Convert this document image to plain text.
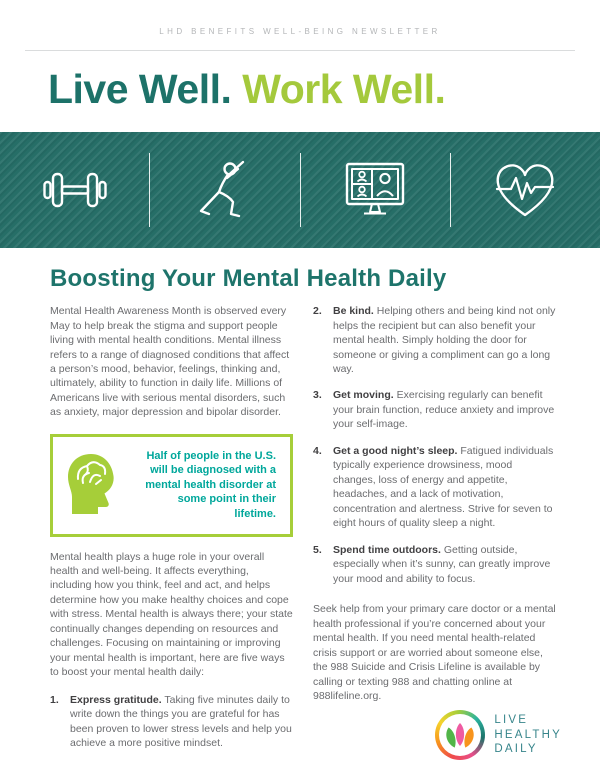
LHD BENEFITS WELL-BEING NEWSLETTER
Live Well. Work Well.
Boosting Your Mental Health Daily

Mental Health Awareness Month is observed every May to help break the stigma and support people living with mental health conditions. Mental illness refers to a range of diagnosed conditions that affect a person’s mood, behavior, feelings, thinking and, ultimately, ability to function in daily life. Millions of Americans live with serious mental disorders, such as anxiety, major depression and bipolar disorder.

Half of people in the U.S. will be diagnosed with a mental health disorder at some point in their lifetime.

Mental health plays a huge role in your overall health and well-being. It affects everything, including how you think, feel and act, and helps determine how you make healthy choices and cope with stress. Mental health is always there; your state continually changes depending on resources and challenges. Focusing on maintaining or improving your mental health is important, here are five ways to boost your mental health daily:

1.	Express gratitude. Taking five minutes daily to write down the things you are grateful for has been proven to lower stress levels and help you achieve a more positive mindset.

2.	Be kind. Helping others and being kind not only helps the recipient but can also benefit your mental health. Simply holding the door for someone or giving a compliment can go a long way.

3.	Get moving. Exercising regularly can benefit your brain function, reduce anxiety and improve your self-image.

4.	Get a good night’s sleep. Fatigued individuals typically experience drowsiness, mood changes, loss of energy and appetite, headaches, and a lack of motivation, concentration and alertness. Strive for seven to eight hours of quality sleep a night.

5.	Spend time outdoors. Getting outside, especially when it’s sunny, can greatly improve your mood and ability to focus.

Seek help from your primary care doctor or a mental health professional if you’re concerned about your mental health. If you need mental health-related crisis support or are worried about someone else, the 988 Suicide and Crisis Lifeline is available by calling or texting 988 and chatting online at 988lifeline.org.

LIVE
HEALTHY
DAILY
